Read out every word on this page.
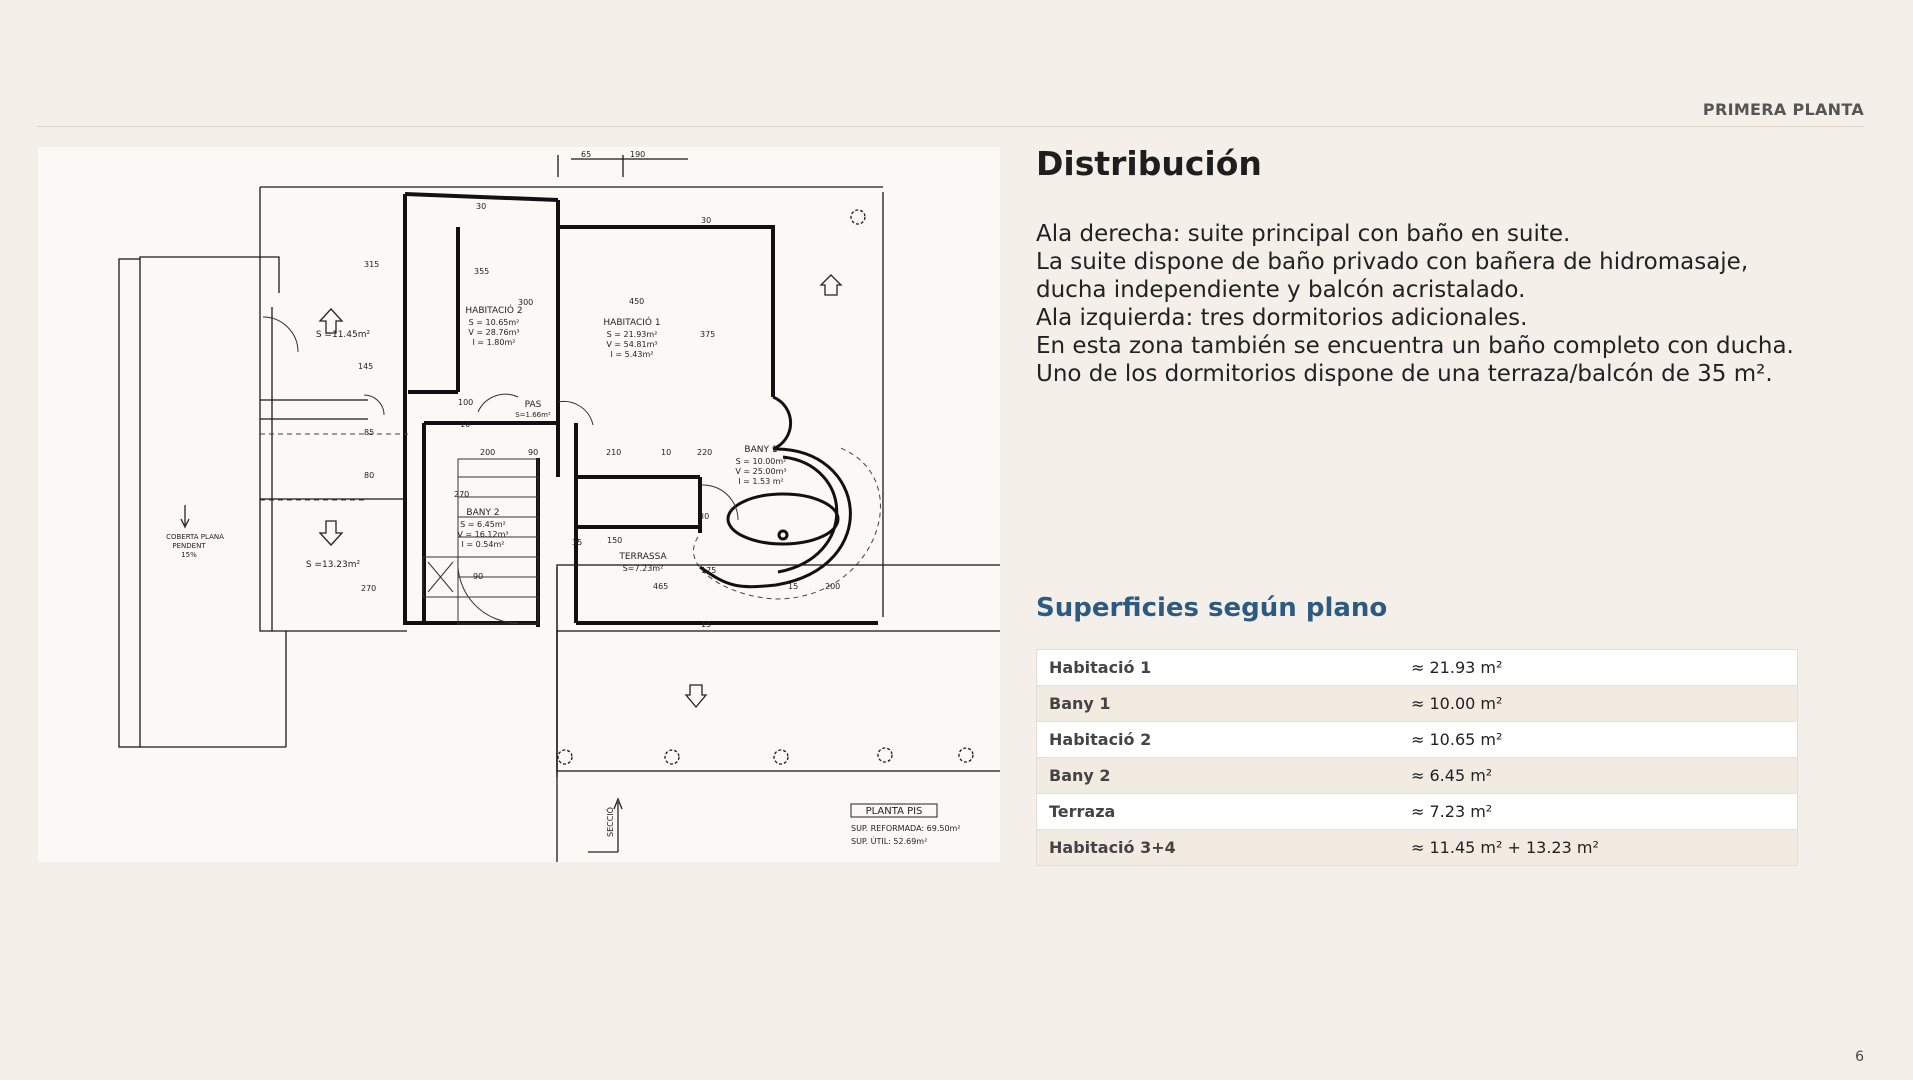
PRIMERA PLANTA
HABITACIÓ 2
S = 10.65m²
V = 28.76m³
I = 1.80m²
HABITACIÓ 1
S = 21.93m²
V = 54.81m³
I = 5.43m²
BANY 1
S = 10.00m²
V = 25.00m³
I = 1.53 m²
BANY 2
S = 6.45m²
V = 16.12m³
I = 0.54m²
TERRASSA
S=7.23m²
PAS
S=1.66m²
S =11.45m²
S =13.23m²
COBERTA PLANA
PENDENT
15%
PLANTA PIS
SUP. REFORMADA: 69.50m²
SUP. ÚTIL: 52.69m²
SECCIÓ
65	190
30
355
315
300	450
375
30
145
100
85
80
200
10
90	210	10	220
270
35	150
175
465	15	200
30
270
15
90
Distribución
Ala derecha: suite principal con baño en suite.
La suite dispone de baño privado con bañera de hidromasaje,
ducha independiente y balcón acristalado.
Ala izquierda: tres dormitorios adicionales.
En esta zona también se encuentra un baño completo con ducha.
Uno de los dormitorios dispone de una terraza/balcón de 35 m².
Superficies según plano
Habitació 1	≈ 21.93 m²
Bany 1	≈ 10.00 m²
Habitació 2	≈ 10.65 m²
Bany 2	≈ 6.45 m²
Terraza	≈ 7.23 m²
Habitació 3+4	≈ 11.45 m² + 13.23 m²
6
